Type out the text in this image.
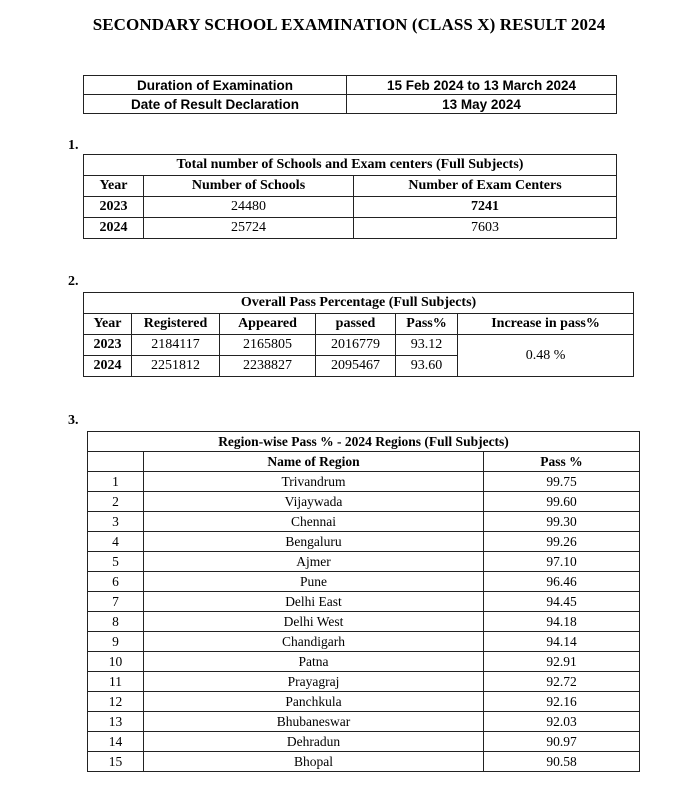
SECONDARY SCHOOL EXAMINATION (CLASS X) RESULT 2024
Duration of Examination	15 Feb 2024 to 13 March 2024
Date of Result Declaration	13 May 2024
1.
Total number of Schools and Exam centers (Full Subjects)		
Year	Number of Schools	Number of Exam Centers
2023	24480	7241
2024	25724	7603
2.
Overall Pass Percentage (Full Subjects)					
Year	Registered	Appeared	passed	Pass%	Increase in pass%
2023	2184117	2165805	2016779	93.12	0.48 %
2024	2251812	2238827	2095467	93.60	
3.
Region-wise Pass % - 2024 Regions (Full Subjects)		
	Name of Region	Pass %
1	Trivandrum	99.75
2	Vijaywada	99.60
3	Chennai	99.30
4	Bengaluru	99.26
5	Ajmer	97.10
6	Pune	96.46
7	Delhi East	94.45
8	Delhi West	94.18
9	Chandigarh	94.14
10	Patna	92.91
11	Prayagraj	92.72
12	Panchkula	92.16
13	Bhubaneswar	92.03
14	Dehradun	90.97
15	Bhopal	90.58
